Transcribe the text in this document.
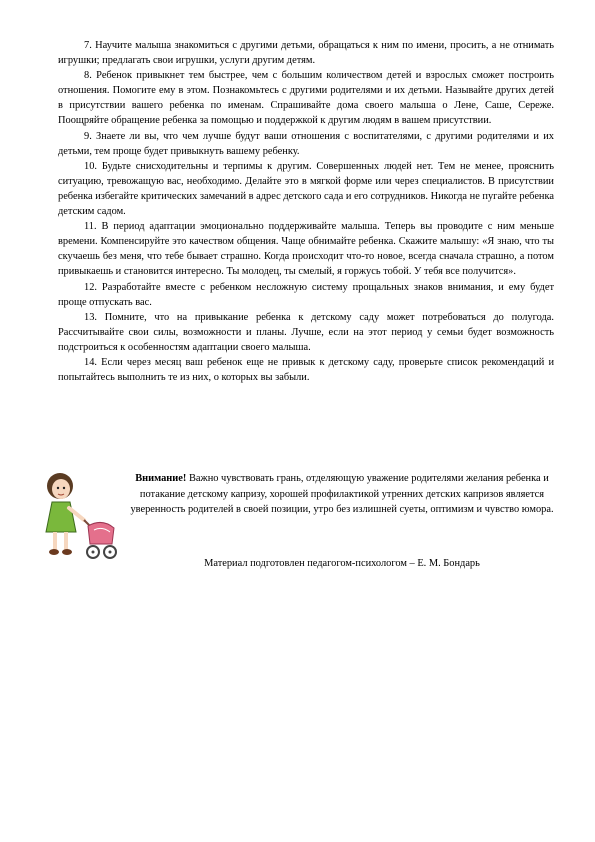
7. Научите малыша знакомиться с другими детьми, обращаться к ним по имени, просить, а не отнимать игрушки; предлагать свои игрушки, услуги другим детям.

8. Ребенок привыкнет тем быстрее, чем с большим количеством детей и взрослых сможет построить отношения. Помогите ему в этом. Познакомьтесь с другими родителями и их детьми. Называйте других детей в присутствии вашего ребенка по именам. Спрашивайте дома своего малыша о Лене, Саше, Сереже. Поощряйте обращение ребенка за помощью и поддержкой к другим людям в вашем присутствии.

9. Знаете ли вы, что чем лучше будут ваши отношения с воспитателями, с другими родителями и их детьми, тем проще будет привыкнуть вашему ребенку.

10. Будьте снисходительны и терпимы к другим. Совершенных людей нет. Тем не менее, прояснить ситуацию, тревожащую вас, необходимо. Делайте это в мягкой форме или через специалистов. В присутствии ребенка избегайте критических замечаний в адрес детского сада и его сотрудников. Никогда не пугайте ребенка детским садом.

11. В период адаптации эмоционально поддерживайте малыша. Теперь вы проводите с ним меньше времени. Компенсируйте это качеством общения. Чаще обнимайте ребенка. Скажите малышу: «Я знаю, что ты скучаешь без меня, что тебе бывает страшно. Когда происходит что-то новое, всегда сначала страшно, а потом привыкаешь и становится интересно. Ты молодец, ты смелый, я горжусь тобой. У тебя все получится».

12. Разработайте вместе с ребенком несложную систему прощальных знаков внимания, и ему будет проще отпускать вас.

13. Помните, что на привыкание ребенка к детскому саду может потребоваться до полугода. Рассчитывайте свои силы, возможности и планы. Лучше, если на этот период у семьи будет возможность подстроиться к особенностям адаптации своего малыша.

14. Если через месяц ваш ребенок еще не привык к детскому саду, проверьте список рекомендаций и попытайтесь выполнить те из них, о которых вы забыли.

Внимание! Важно чувствовать грань, отделяющую уважение родителями желания ребенка и потакание детскому капризу, хорошей профилактикой утренних детских капризов является уверенность родителей в своей позиции, утро без излишней суеты, оптимизм и чувство юмора.

Материал подготовлен педагогом-психологом – Е. М. Бондарь
